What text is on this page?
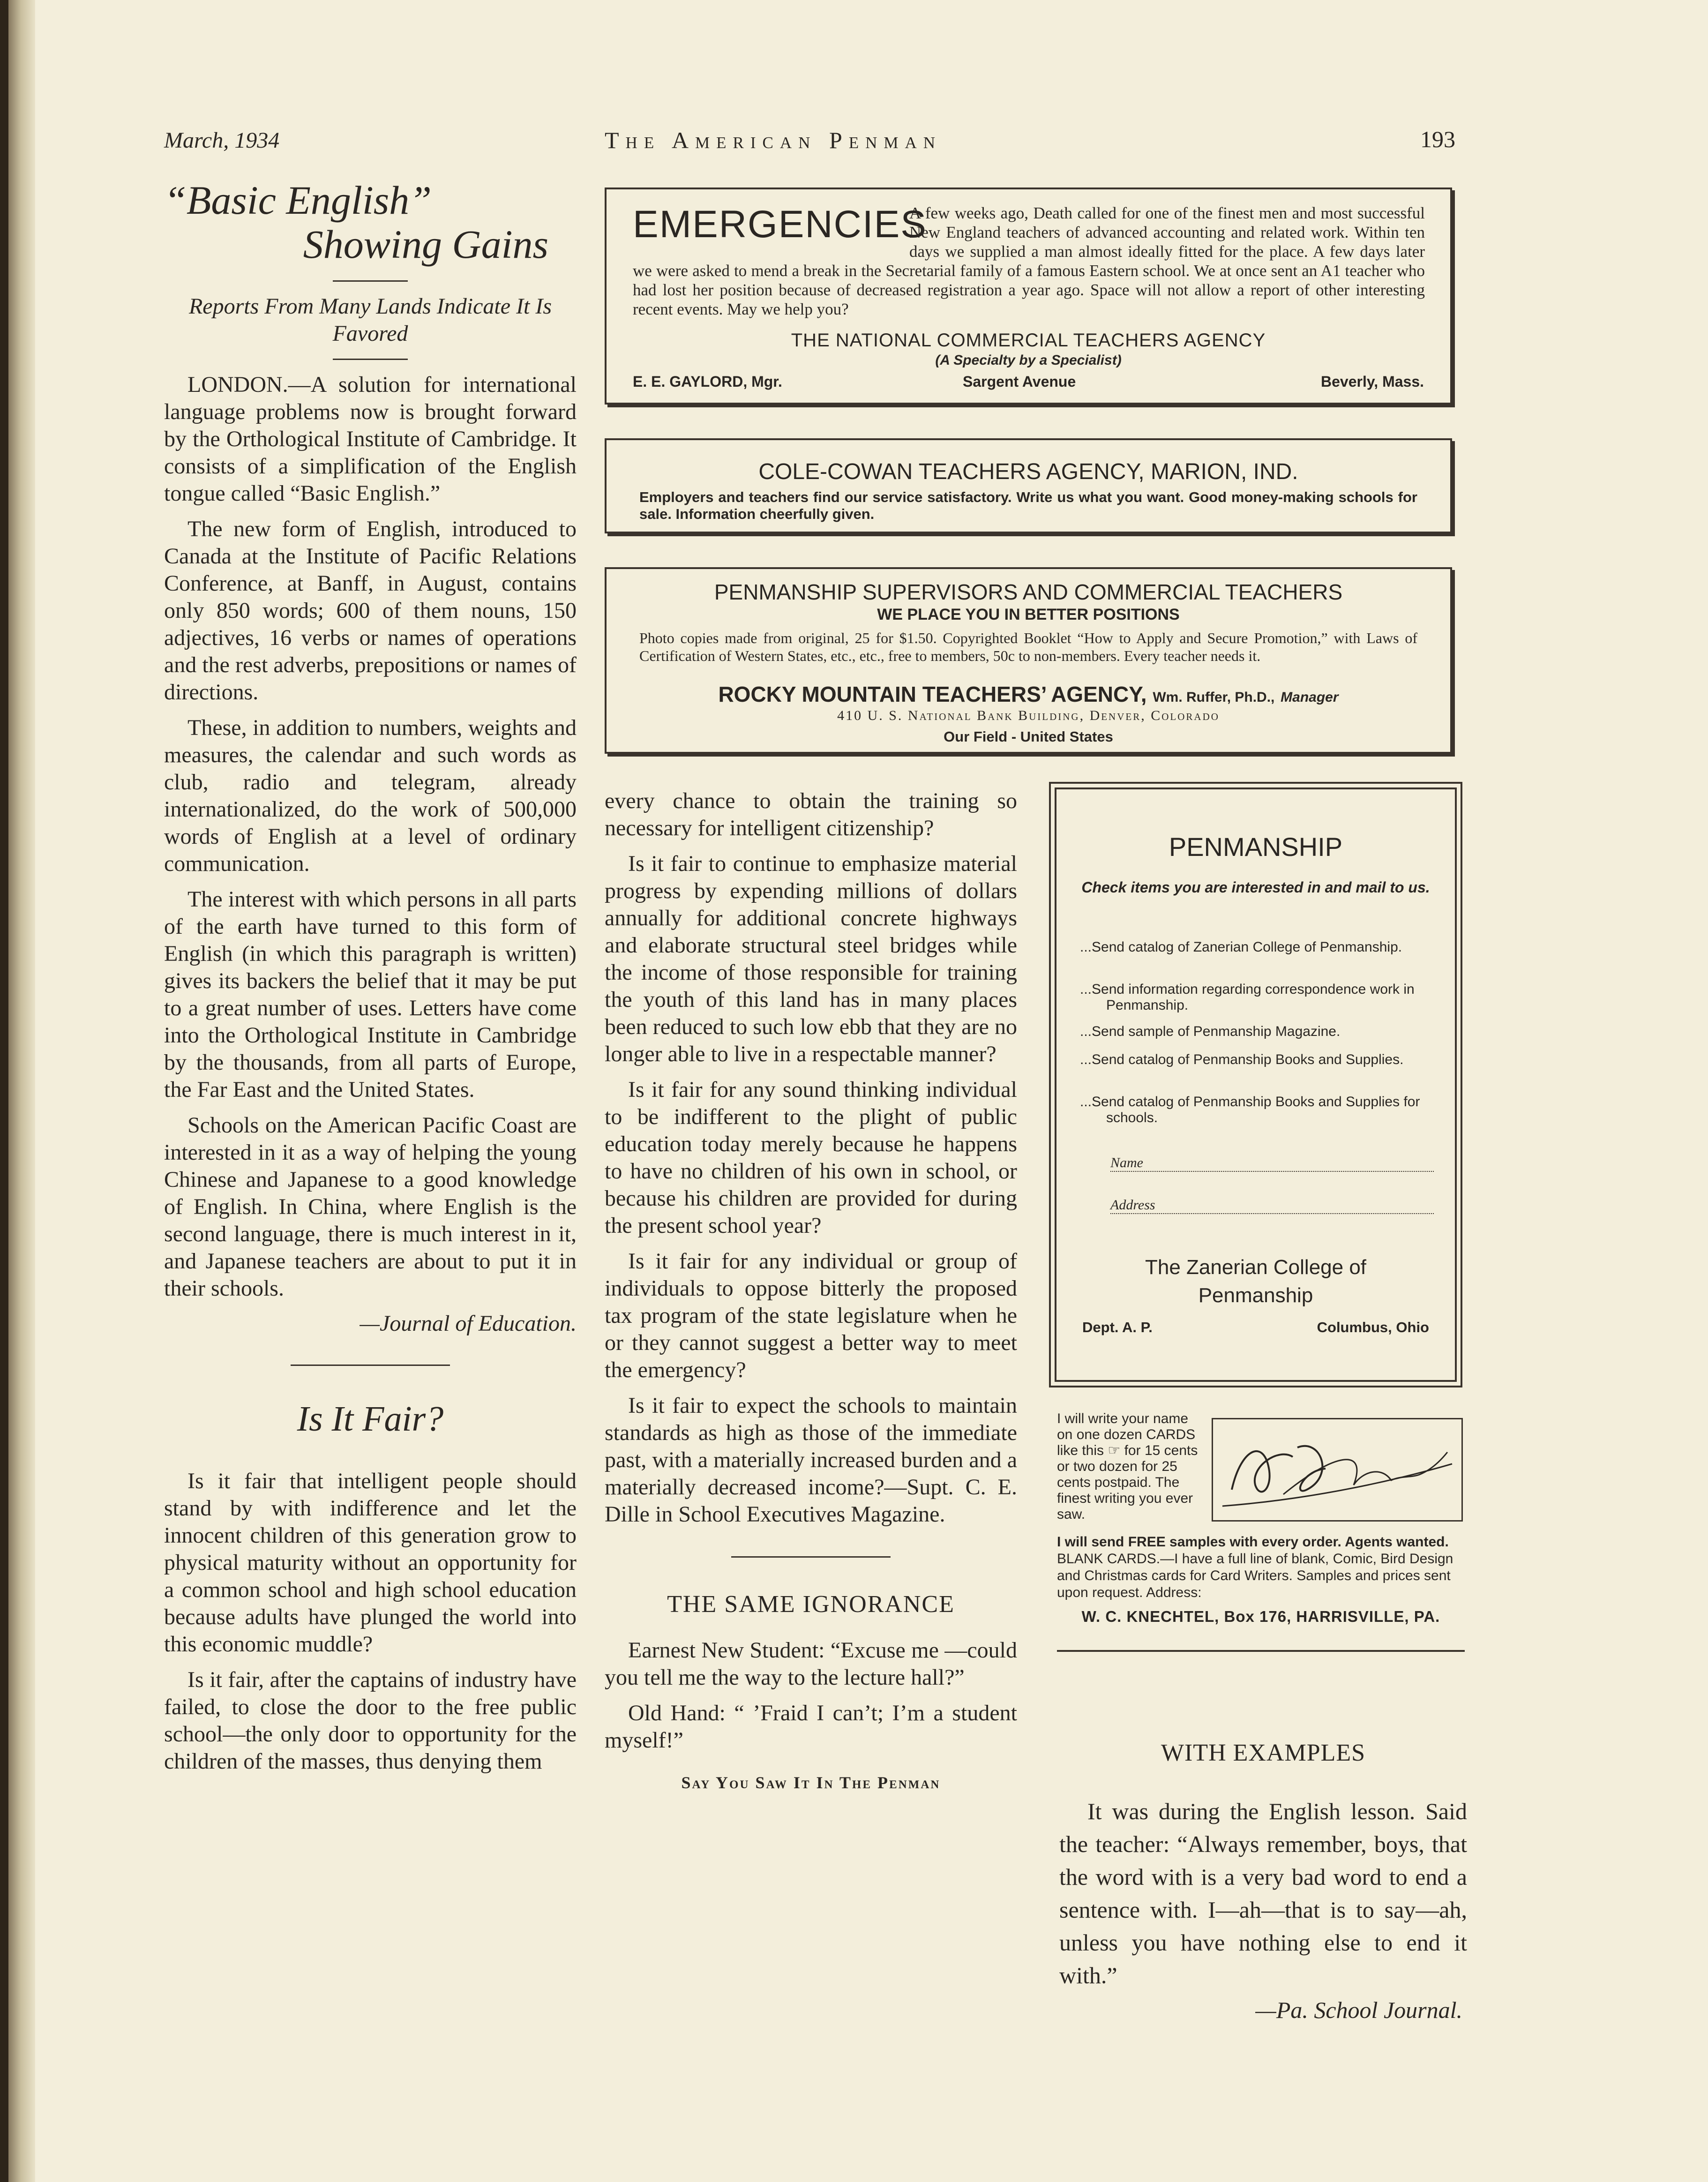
March, 1934	The American Penman	193

“Basic English”

Showing Gains

Reports From Many Lands Indicate It Is Favored

LONDON.—A solution for international language problems now is brought forward by the Orthological Institute of Cambridge. It consists of a simplification of the English tongue called “Basic English.”

The new form of English, introduced to Canada at the Institute of Pacific Relations Conference, at Banff, in August, contains only 850 words; 600 of them nouns, 150 adjectives, 16 verbs or names of operations and the rest adverbs, prepositions or names of directions.

These, in addition to numbers, weights and measures, the calendar and such words as club, radio and telegram, already internationalized, do the work of 500,000 words of English at a level of ordinary communication.

The interest with which persons in all parts of the earth have turned to this form of English (in which this paragraph is written) gives its backers the belief that it may be put to a great number of uses. Letters have come into the Orthological Institute in Cambridge by the thousands, from all parts of Europe, the Far East and the United States.

Schools on the American Pacific Coast are interested in it as a way of helping the young Chinese and Japanese to a good knowledge of English. In China, where English is the second language, there is much interest in it, and Japanese teachers are about to put it in their schools.

—Journal of Education.

Is It Fair?

Is it fair that intelligent people should stand by with indifference and let the innocent children of this generation grow to physical maturity without an opportunity for a common school and high school education because adults have plunged the world into this economic muddle?

Is it fair, after the captains of industry have failed, to close the door to the free public school—the only door to opportunity for the children of the masses, thus denying them

EMERGENCIES
A few weeks ago, Death called for one of the finest men and most successful New England teachers of advanced accounting and related work. Within ten days we supplied a man almost ideally fitted for the place. A few days later we were asked to mend a break in the Secretarial family of a famous Eastern school. We at once sent an A1 teacher who had lost her position because of decreased registration a year ago. Space will not allow a report of other interesting recent events. May we help you?
THE NATIONAL COMMERCIAL TEACHERS AGENCY
(A Specialty by a Specialist)
E. E. GAYLORD, Mgr.	Sargent Avenue	Beverly, Mass.
COLE-COWAN TEACHERS AGENCY, MARION, IND.
Employers and teachers find our service satisfactory. Write us what you want. Good money-making schools for sale. Information cheerfully given.
PENMANSHIP SUPERVISORS AND COMMERCIAL TEACHERS
WE PLACE YOU IN BETTER POSITIONS
Photo copies made from original, 25 for $1.50. Copyrighted Booklet “How to Apply and Secure Promotion,” with Laws of Certification of Western States, etc., etc., free to members, 50c to non-members. Every teacher needs it.
ROCKY MOUNTAIN TEACHERS’ AGENCY, Wm. Ruffer, Ph.D., Manager
410 U. S. National Bank Building, Denver, Colorado
Our Field - United States

every chance to obtain the training so necessary for intelligent citizenship?

Is it fair to continue to emphasize material progress by expending millions of dollars annually for additional concrete highways and elaborate structural steel bridges while the income of those responsible for training the youth of this land has in many places been reduced to such low ebb that they are no longer able to live in a respectable manner?

Is it fair for any sound thinking individual to be indifferent to the plight of public education today merely because he happens to have no children of his own in school, or because his children are provided for during the present school year?

Is it fair for any individual or group of individuals to oppose bitterly the proposed tax program of the state legislature when he or they cannot suggest a better way to meet the emergency?

Is it fair to expect the schools to maintain standards as high as those of the immediate past, with a materially increased burden and a materially decreased income?—Supt. C. E. Dille in School Executives Magazine.

THE SAME IGNORANCE

Earnest New Student: “Excuse me —could you tell me the way to the lecture hall?”

Old Hand: “ ’Fraid I can’t; I’m a student myself!”

Say You Saw It In The Penman
PENMANSHIP
Check items you are interested in and mail to us.
...Send catalog of Zanerian College of Penmanship.
...Send information regarding correspondence work in Penmanship.
...Send sample of Penmanship Magazine.
...Send catalog of Penmanship Books and Supplies.
...Send catalog of Penmanship Books and Supplies for schools.
Name
Address
The Zanerian College of
Penmanship
Dept. A. P.	Columbus, Ohio
I will write your name on one dozen CARDS like this ☞ for 15 cents or two dozen for 25 cents postpaid. The finest writing you ever saw.
I will send FREE samples with every order. Agents wanted.
BLANK CARDS.—I have a full line of blank, Comic, Bird Design and Christmas cards for Card Writers. Samples and prices sent upon request. Address:
W. C. KNECHTEL, Box 176, HARRISVILLE, PA.

WITH EXAMPLES

It was during the English lesson. Said the teacher: “Always remember, boys, that the word with is a very bad word to end a sentence with. I—ah—that is to say—ah, unless you have nothing else to end it with.”

—Pa. School Journal.
